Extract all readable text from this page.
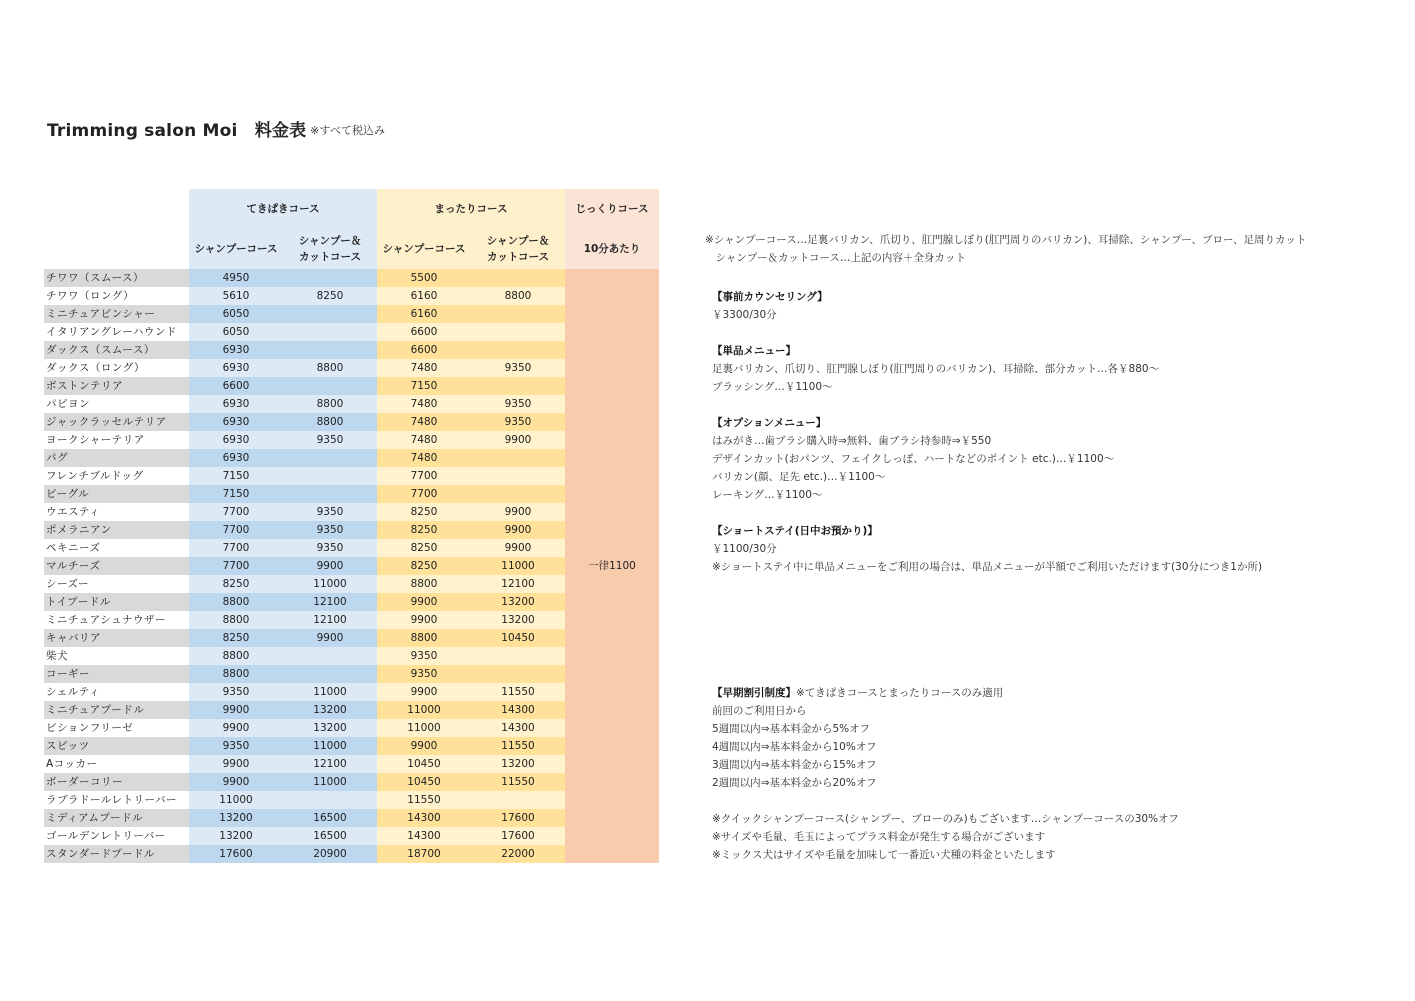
Trimming salon Moi　料金表 ※すべて税込み
	てきぱきコース		まったりコース		じっくりコース
	シャンプーコース	シャンプー＆
カットコース	シャンプーコース	シャンプー＆
カットコース	10分あたり
チワワ（スムース）	4950		5500		一律1100
チワワ（ロング）	5610	8250	6160	8800	
ミニチュアピンシャー	6050		6160		
イタリアングレーハウンド	6050		6600		
ダックス（スムース）	6930		6600		
ダックス（ロング）	6930	8800	7480	9350	
ボストンテリア	6600		7150		
パピヨン	6930	8800	7480	9350	
ジャックラッセルテリア	6930	8800	7480	9350	
ヨークシャーテリア	6930	9350	7480	9900	
パグ	6930		7480		
フレンチブルドッグ	7150		7700		
ビーグル	7150		7700		
ウエスティ	7700	9350	8250	9900	
ポメラニアン	7700	9350	8250	9900	
ペキニーズ	7700	9350	8250	9900	
マルチーズ	7700	9900	8250	11000	
シーズー	8250	11000	8800	12100	
トイプードル	8800	12100	9900	13200	
ミニチュアシュナウザー	8800	12100	9900	13200	
キャバリア	8250	9900	8800	10450	
柴犬	8800		9350		
コーギー	8800		9350		
シェルティ	9350	11000	9900	11550	
ミニチュアプードル	9900	13200	11000	14300	
ビションフリーゼ	9900	13200	11000	14300	
スピッツ	9350	11000	9900	11550	
Aコッカー	9900	12100	10450	13200	
ボーダーコリー	9900	11000	10450	11550	
ラブラドールレトリーバー	11000		11550		
ミディアムプードル	13200	16500	14300	17600	
ゴールデンレトリーバー	13200	16500	14300	17600	
スタンダードプードル	17600	20900	18700	22000	
※シャンプーコース…足裏バリカン、爪切り、肛門腺しぼり(肛門周りのバリカン)、耳掃除、シャンプー、ブロー、足周りカット
　シャンプー＆カットコース…上記の内容＋全身カット
【事前カウンセリング】
￥3300/30分
【単品メニュー】
足裏バリカン、爪切り、肛門腺しぼり(肛門周りのバリカン)、耳掃除、部分カット…各￥880〜
ブラッシング…￥1100〜
【オプションメニュー】
はみがき…歯ブラシ購入時⇒無料、歯ブラシ持参時⇒￥550
デザインカット(おパンツ、フェイクしっぽ、ハートなどのポイント etc.)…￥1100〜
バリカン(顔、足先 etc.)…￥1100〜
レーキング…￥1100〜
【ショートステイ(日中お預かり)】
￥1100/30分
※ショートステイ中に単品メニューをご利用の場合は、単品メニューが半額でご利用いただけます(30分につき1か所)
【早期割引制度】※てきぱきコースとまったりコースのみ適用
前回のご利用日から
5週間以内⇒基本料金から5%オフ
4週間以内⇒基本料金から10%オフ
3週間以内⇒基本料金から15%オフ
2週間以内⇒基本料金から20%オフ
※クイックシャンプーコース(シャンプー、ブローのみ)もございます…シャンプーコースの30%オフ
※サイズや毛量、毛玉によってプラス料金が発生する場合がございます
※ミックス犬はサイズや毛量を加味して一番近い犬種の料金といたします
